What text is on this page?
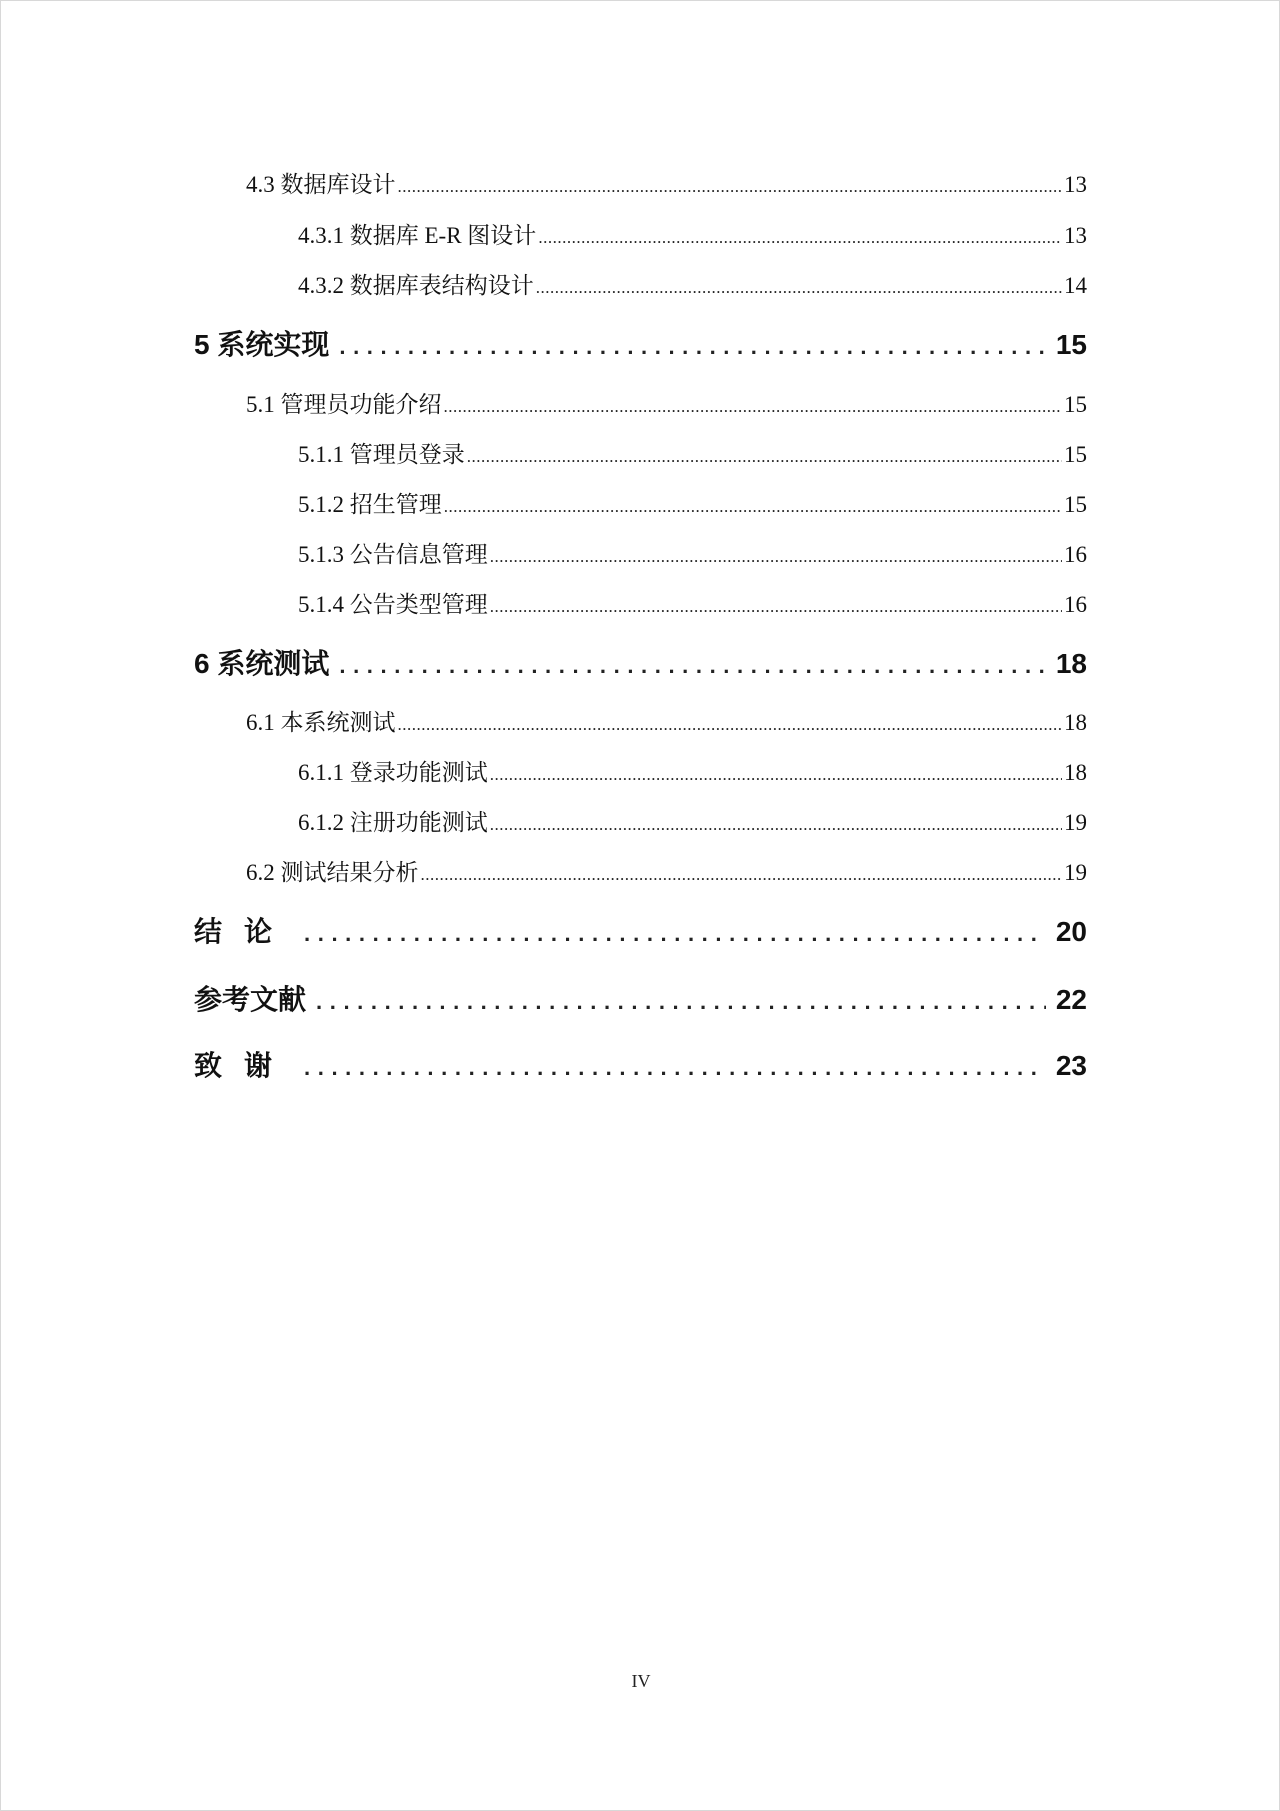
4.3 数据库设计 .....	13
4.3.1 数据库 E-R 图设计 .....	13
4.3.2 数据库表结构设计 .....	14
5 系统实现 .....	15
5.1 管理员功能介绍 .....	15
5.1.1 管理员登录 .....	15
5.1.2 招生管理 .....	15
5.1.3 公告信息管理 .....	16
5.1.4 公告类型管理 .....	16
6 系统测试 .....	18
6.1 本系统测试 .....	18
6.1.1 登录功能测试 .....	18
6.1.2 注册功能测试 .....	19
6.2 测试结果分析 .....	19
结论 .....	20
参考文献 .....	22
致谢 .....	23
IV
